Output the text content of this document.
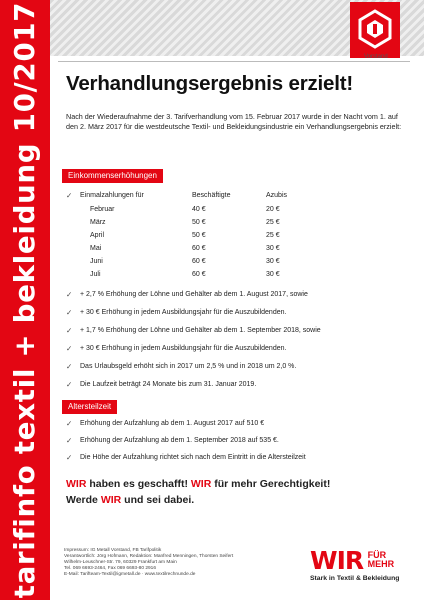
tarifinfo textil + bekleidung 10/2017	Vorstand
Verhandlungsergebnis erzielt!
Nach der Wiederaufnahme der 3. Tarifverhandlung vom 15. Februar 2017 wurde in der Nacht vom 1. auf den 2. März 2017 für die westdeutsche Textil- und Bekleidungsindustrie ein Verhandlungsergebnis erzielt:
Einkommenserhöhungen
✓ Einmalzahlungen für	Beschäftigte	Azubis
Februar	40 €	20 €
März	50 €	25 €
April	50 €	25 €
Mai	60 €	30 €
Juni	60 €	30 €
Juli	60 €	30 €
✓ + 2,7 % Erhöhung der Löhne und Gehälter ab dem 1. August 2017, sowie
✓ + 30 € Erhöhung in jedem Ausbildungsjahr für die Auszubildenden.
✓ + 1,7 % Erhöhung der Löhne und Gehälter ab dem 1. September 2018, sowie
✓ + 30 € Erhöhung in jedem Ausbildungsjahr für die Auszubildenden.
✓ Das Urlaubsgeld erhöht sich in 2017 um 2,5 % und in 2018 um 2,0 %.
✓ Die Laufzeit beträgt 24 Monate bis zum 31. Januar 2019.
Altersteilzeit
✓ Erhöhung der Aufzahlung ab dem 1. August 2017 auf 510 €
✓ Erhöhung der Aufzahlung ab dem 1. September 2018 auf 535 €.
✓ Die Höhe der Aufzahlung richtet sich nach dem Eintritt in die Altersteilzeit
WIR haben es geschafft! WIR für mehr Gerechtigkeit!
Werde WIR und sei dabei.
Impressum: IG Metall Vorstand, FB Tarifpolitik
Verantwortlich: Jörg Hofmann, Redaktion: Manfred Menningen, Thorsten Seifert
Wilhelm-Leuschner-Str. 79, 60329 Frankfurt am Main
Tel. 069 6693-2464, Fax 069 6693-80 2916
E-Mail: Tarifteam-Textil@igmetall.de · www.textilrechnunde.de	WIR FÜR
MEHR
Stark in Textil & Bekleidung
